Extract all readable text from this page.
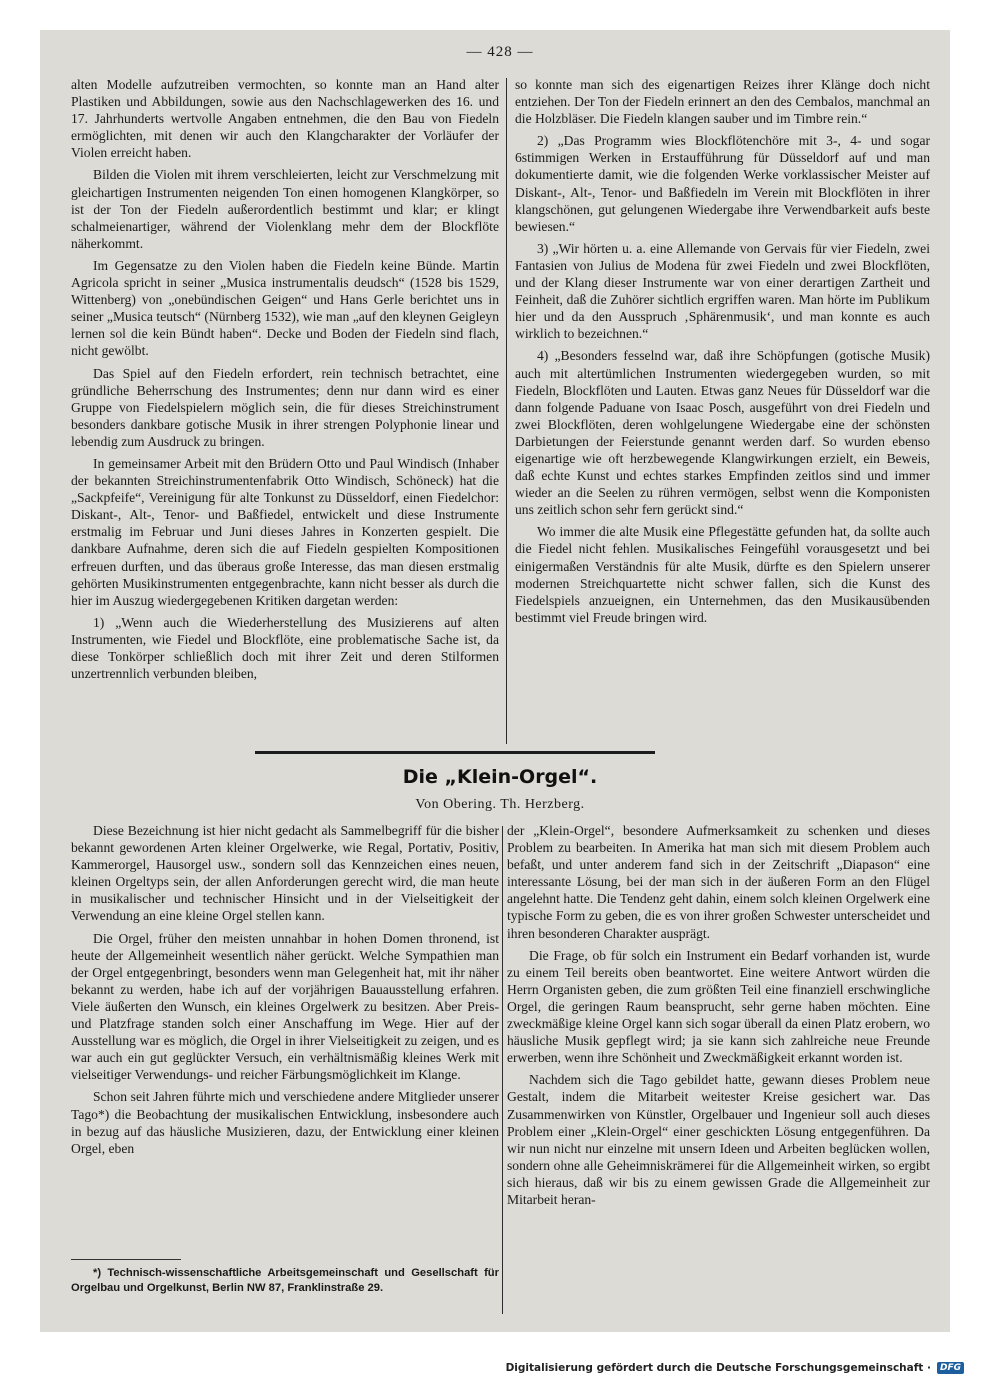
— 428 —

alten Modelle aufzutreiben vermochten, so konnte man an Hand alter Plastiken und Abbildungen, sowie aus den Nachschlagewerken des 16. und 17. Jahrhunderts wertvolle Angaben entnehmen, die den Bau von Fiedeln ermöglichten, mit denen wir auch den Klangcharakter der Vorläufer der Violen erreicht haben.

Bilden die Violen mit ihrem verschleierten, leicht zur Verschmelzung mit gleichartigen Instrumenten neigenden Ton einen homogenen Klangkörper, so ist der Ton der Fiedeln außerordentlich bestimmt und klar; er klingt schalmeienartiger, während der Violenklang mehr dem der Blockflöte näherkommt.

Im Gegensatze zu den Violen haben die Fiedeln keine Bünde. Martin Agricola spricht in seiner „Musica instrumentalis deudsch“ (1528 bis 1529, Wittenberg) von „onebündischen Geigen“ und Hans Gerle berichtet uns in seiner „Musica teutsch“ (Nürnberg 1532), wie man „auf den kleynen Geigleyn lernen sol die kein Bündt haben“. Decke und Boden der Fiedeln sind flach, nicht gewölbt.

Das Spiel auf den Fiedeln erfordert, rein technisch betrachtet, eine gründliche Beherrschung des Instrumentes; denn nur dann wird es einer Gruppe von Fiedelspielern möglich sein, die für dieses Streichinstrument besonders dankbare gotische Musik in ihrer strengen Polyphonie linear und lebendig zum Ausdruck zu bringen.

In gemeinsamer Arbeit mit den Brüdern Otto und Paul Windisch (Inhaber der bekannten Streichinstrumentenfabrik Otto Windisch, Schöneck) hat die „Sackpfeife“, Vereinigung für alte Tonkunst zu Düsseldorf, einen Fiedelchor: Diskant-, Alt-, Tenor- und Baßfiedel, entwickelt und diese Instrumente erstmalig im Februar und Juni dieses Jahres in Konzerten gespielt. Die dankbare Aufnahme, deren sich die auf Fiedeln gespielten Kompositionen erfreuen durften, und das überaus große Interesse, das man diesen erstmalig gehörten Musikinstrumenten entgegenbrachte, kann nicht besser als durch die hier im Auszug wiedergegebenen Kritiken dargetan werden:

1) „Wenn auch die Wiederherstellung des Musizierens auf alten Instrumenten, wie Fiedel und Blockflöte, eine problematische Sache ist, da diese Tonkörper schließlich doch mit ihrer Zeit und deren Stilformen unzertrennlich verbunden bleiben,

so konnte man sich des eigenartigen Reizes ihrer Klänge doch nicht entziehen. Der Ton der Fiedeln erinnert an den des Cembalos, manchmal an die Holzbläser. Die Fiedeln klangen sauber und im Timbre rein.“

2) „Das Programm wies Blockflötenchöre mit 3-, 4- und sogar 6stimmigen Werken in Erstaufführung für Düsseldorf auf und man dokumentierte damit, wie die folgenden Werke vorklassischer Meister auf Diskant-, Alt-, Tenor- und Baßfiedeln im Verein mit Blockflöten in ihrer klangschönen, gut gelungenen Wiedergabe ihre Verwendbarkeit aufs beste bewiesen.“

3) „Wir hörten u. a. eine Allemande von Gervais für vier Fiedeln, zwei Fantasien von Julius de Modena für zwei Fiedeln und zwei Blockflöten, und der Klang dieser Instrumente war von einer derartigen Zartheit und Feinheit, daß die Zuhörer sichtlich ergriffen waren. Man hörte im Publikum hier und da den Ausspruch ‚Sphärenmusik‘, und man konnte es auch wirklich to bezeichnen.“

4) „Besonders fesselnd war, daß ihre Schöpfungen (gotische Musik) auch mit altertümlichen Instrumenten wiedergegeben wurden, so mit Fiedeln, Blockflöten und Lauten. Etwas ganz Neues für Düsseldorf war die dann folgende Paduane von Isaac Posch, ausgeführt von drei Fiedeln und zwei Blockflöten, deren wohlgelungene Wiedergabe eine der schönsten Darbietungen der Feierstunde genannt werden darf. So wurden ebenso eigenartige wie oft herzbewegende Klangwirkungen erzielt, ein Beweis, daß echte Kunst und echtes starkes Empfinden zeitlos sind und immer wieder an die Seelen zu rühren vermögen, selbst wenn die Komponisten uns zeitlich schon sehr fern gerückt sind.“

Wo immer die alte Musik eine Pflegestätte gefunden hat, da sollte auch die Fiedel nicht fehlen. Musikalisches Feingefühl vorausgesetzt und bei einigermaßen Verständnis für alte Musik, dürfte es den Spielern unserer modernen Streichquartette nicht schwer fallen, sich die Kunst des Fiedelspiels anzueignen, ein Unternehmen, das den Musikausübenden bestimmt viel Freude bringen wird.

Die „Klein-Orgel“.
Von Obering. Th. Herzberg.

Diese Bezeichnung ist hier nicht gedacht als Sammelbegriff für die bisher bekannt gewordenen Arten kleiner Orgelwerke, wie Regal, Portativ, Positiv, Kammerorgel, Hausorgel usw., sondern soll das Kennzeichen eines neuen, kleinen Orgeltyps sein, der allen Anforderungen gerecht wird, die man heute in musikalischer und technischer Hinsicht und in der Vielseitigkeit der Verwendung an eine kleine Orgel stellen kann.

Die Orgel, früher den meisten unnahbar in hohen Domen thronend, ist heute der Allgemeinheit wesentlich näher gerückt. Welche Sympathien man der Orgel entgegenbringt, besonders wenn man Gelegenheit hat, mit ihr näher bekannt zu werden, habe ich auf der vorjährigen Bauausstellung erfahren. Viele äußerten den Wunsch, ein kleines Orgelwerk zu besitzen. Aber Preis- und Platzfrage standen solch einer Anschaffung im Wege. Hier auf der Ausstellung war es möglich, die Orgel in ihrer Vielseitigkeit zu zeigen, und es war auch ein gut geglückter Versuch, ein verhältnismäßig kleines Werk mit vielseitiger Verwendungs- und reicher Färbungsmöglichkeit im Klange.

Schon seit Jahren führte mich und verschiedene andere Mitglieder unserer Tago*) die Beobachtung der musikalischen Entwicklung, insbesondere auch in bezug auf das häusliche Musizieren, dazu, der Entwicklung einer kleinen Orgel, eben

der „Klein-Orgel“, besondere Aufmerksamkeit zu schenken und dieses Problem zu bearbeiten. In Amerika hat man sich mit diesem Problem auch befaßt, und unter anderem fand sich in der Zeitschrift „Diapason“ eine interessante Lösung, bei der man sich in der äußeren Form an den Flügel angelehnt hatte. Die Tendenz geht dahin, einem solch kleinen Orgelwerk eine typische Form zu geben, die es von ihrer großen Schwester unterscheidet und ihren besonderen Charakter ausprägt.

Die Frage, ob für solch ein Instrument ein Bedarf vorhanden ist, wurde zu einem Teil bereits oben beantwortet. Eine weitere Antwort würden die Herrn Organisten geben, die zum größten Teil eine finanziell erschwingliche Orgel, die geringen Raum beansprucht, sehr gerne haben möchten. Eine zweckmäßige kleine Orgel kann sich sogar überall da einen Platz erobern, wo häusliche Musik gepflegt wird; ja sie kann sich zahlreiche neue Freunde erwerben, wenn ihre Schönheit und Zweckmäßigkeit erkannt worden ist.

Nachdem sich die Tago gebildet hatte, gewann dieses Problem neue Gestalt, indem die Mitarbeit weitester Kreise gesichert war. Das Zusammenwirken von Künstler, Orgelbauer und Ingenieur soll auch dieses Problem einer „Klein-Orgel“ einer geschickten Lösung entgegenführen. Da wir nun nicht nur einzelne mit unsern Ideen und Arbeiten beglücken wollen, sondern ohne alle Geheimniskrämerei für die Allgemeinheit wirken, so ergibt sich hieraus, daß wir bis zu einem gewissen Grade die Allgemeinheit zur Mitarbeit heran-

*) Technisch-wissenschaftliche Arbeitsgemeinschaft und Gesellschaft für Orgelbau und Orgelkunst, Berlin NW 87, Franklinstraße 29.

Digitalisierung gefördert durch die Deutsche Forschungsgemeinschaft ·	DFG
